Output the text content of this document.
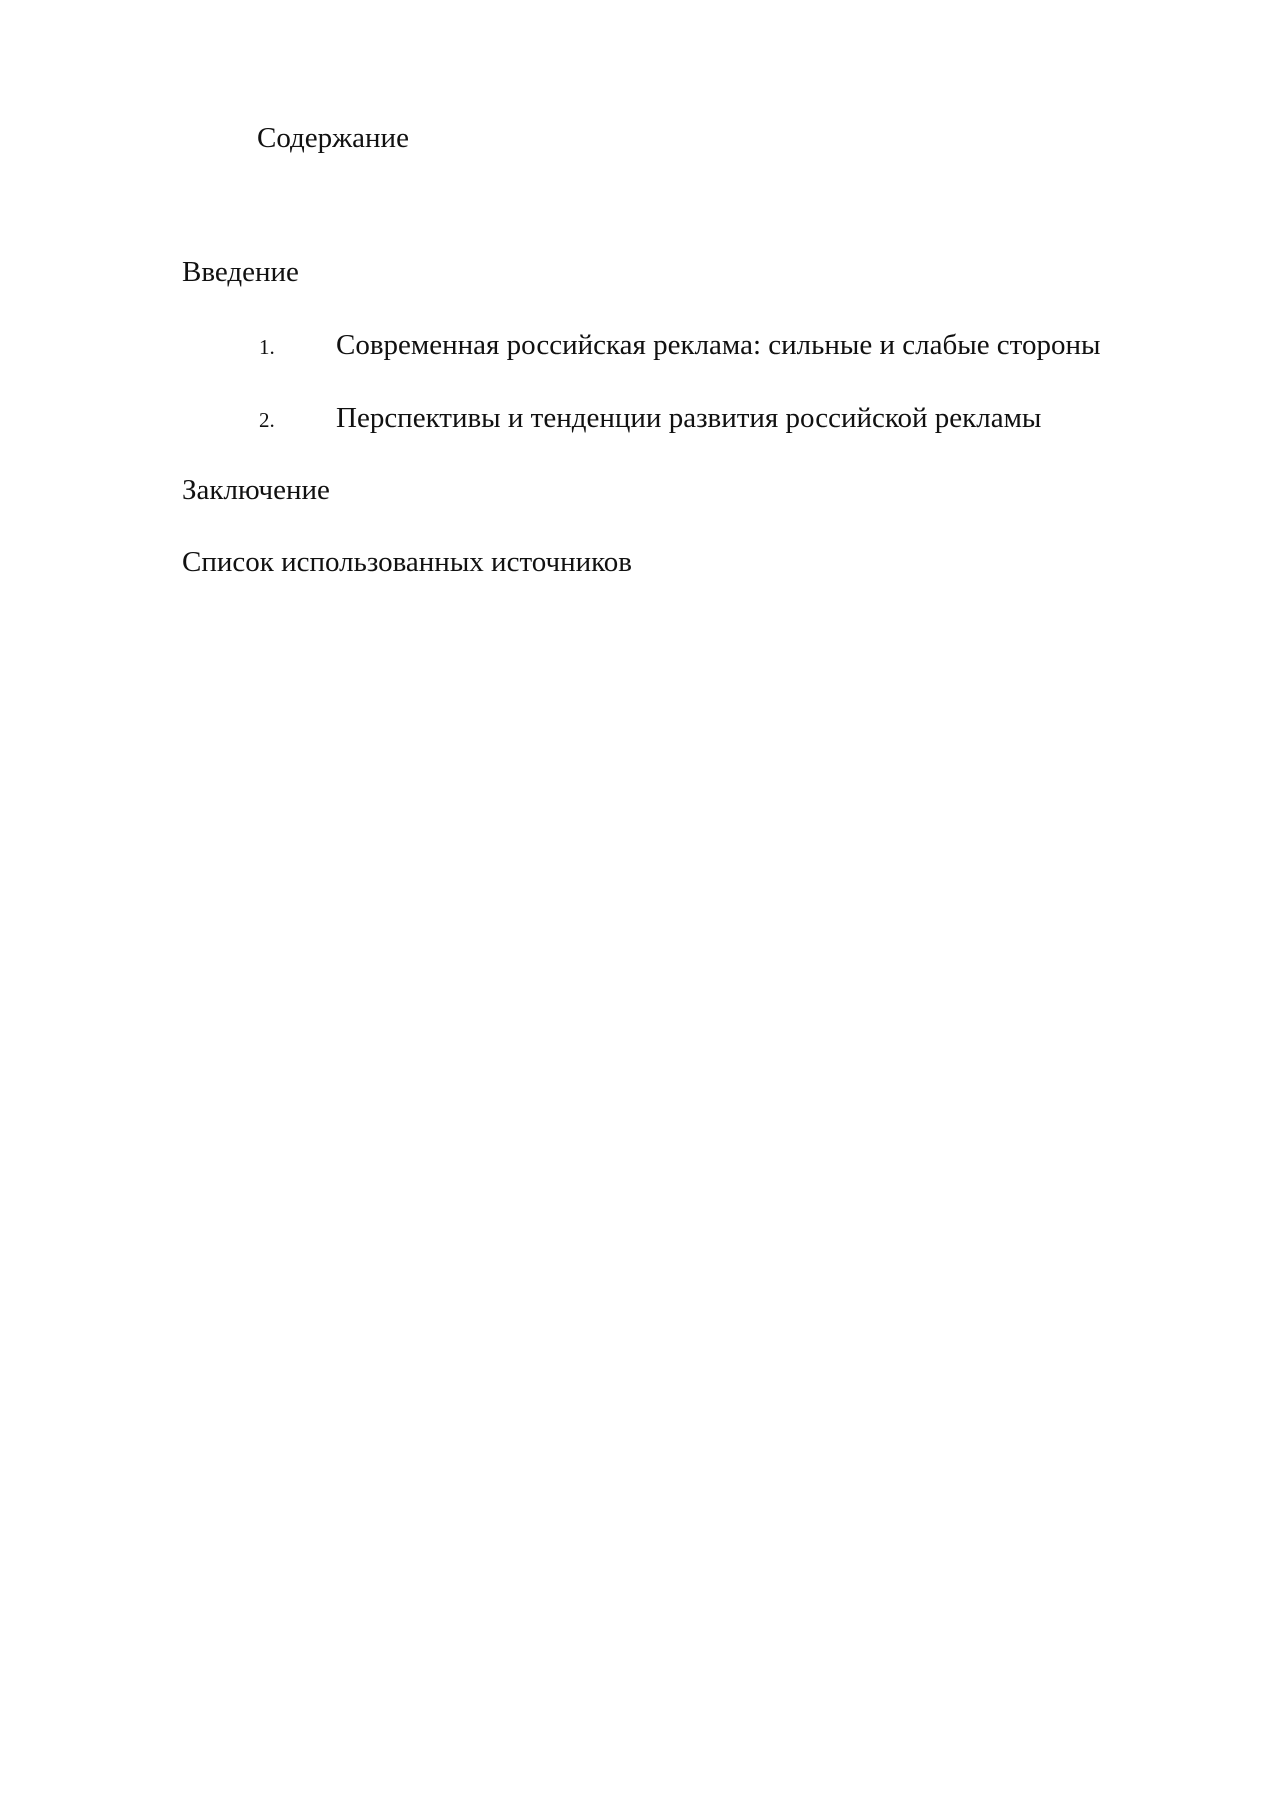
Содержание
Введение
1. Современная российская реклама: сильные и слабые стороны
2. Перспективы и тенденции развития российской рекламы
Заключение
Список использованных источников
